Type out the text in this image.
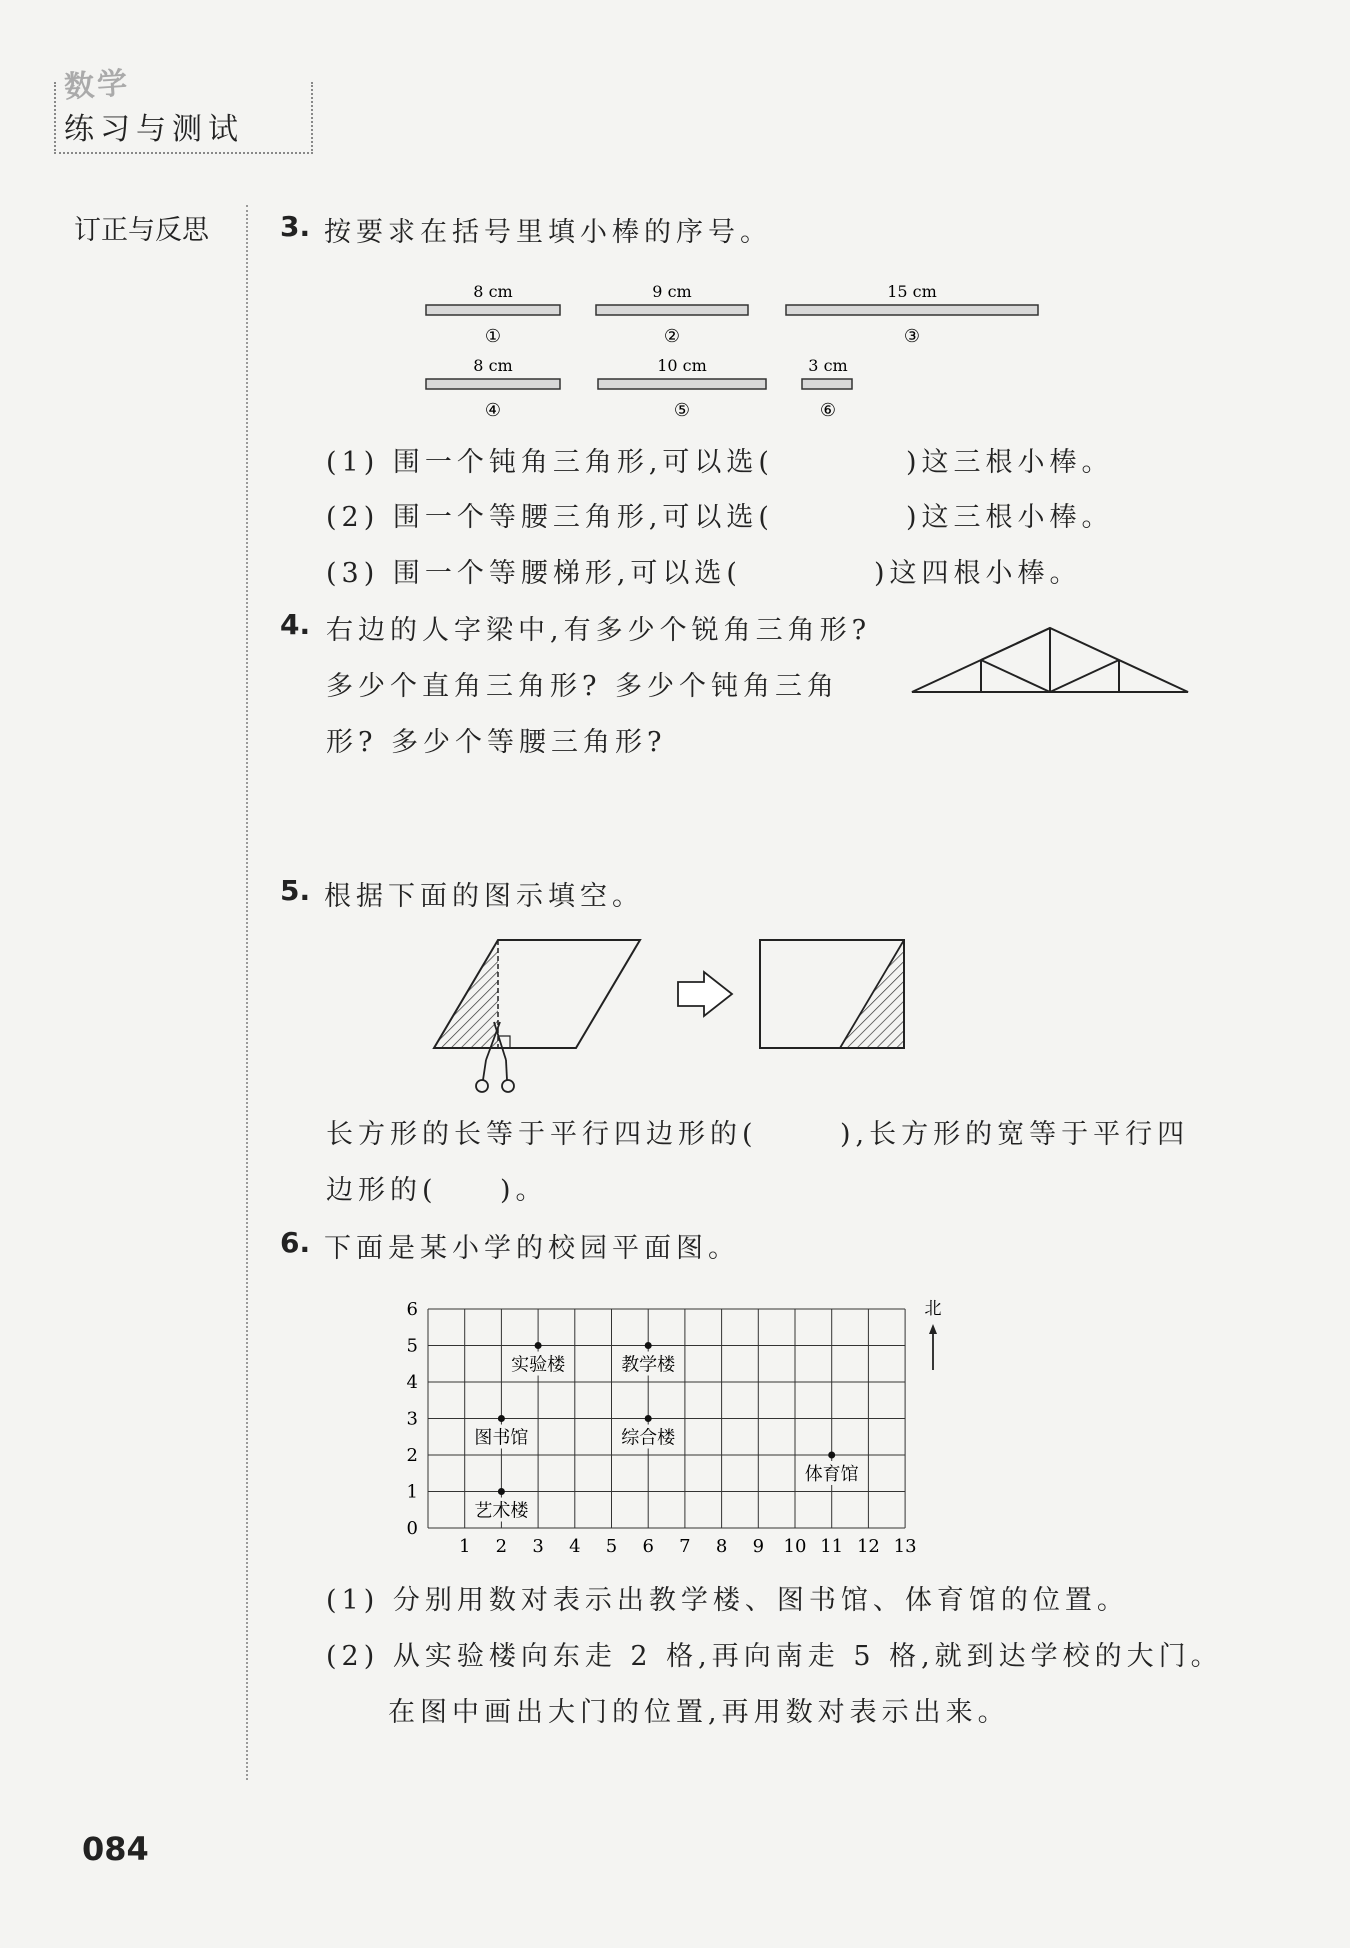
数学
练习与测试
订正与反思	3. 按要求在括号里填小棒的序号。
8 cm
①
9 cm
②
15 cm
③
8 cm
④
10 cm
⑤
3 cm
⑥
(1) 围一个钝角三角形,可以选(	)这三根小棒。
(2) 围一个等腰三角形,可以选(	)这三根小棒。
(3) 围一个等腰梯形,可以选(	)这四根小棒。
4. 右边的人字梁中,有多少个锐角三角形?
多少个直角三角形? 多少个钝角三角
形? 多少个等腰三角形?
5. 根据下面的图示填空。
长方形的长等于平行四边形的(	),长方形的宽等于平行四
边形的( )。
6. 下面是某小学的校园平面图。
1 2 3 4 5 6 7 8 9 10 11 12 13
0
1
2
3
4
5
6
实验楼	教学楼
图书馆	综合楼
体育馆
艺术楼
北
(1) 分别用数对表示出教学楼、图书馆、体育馆的位置。
(2) 从实验楼向东走 2 格,再向南走 5 格,就到达学校的大门。
在图中画出大门的位置,再用数对表示出来。
084
